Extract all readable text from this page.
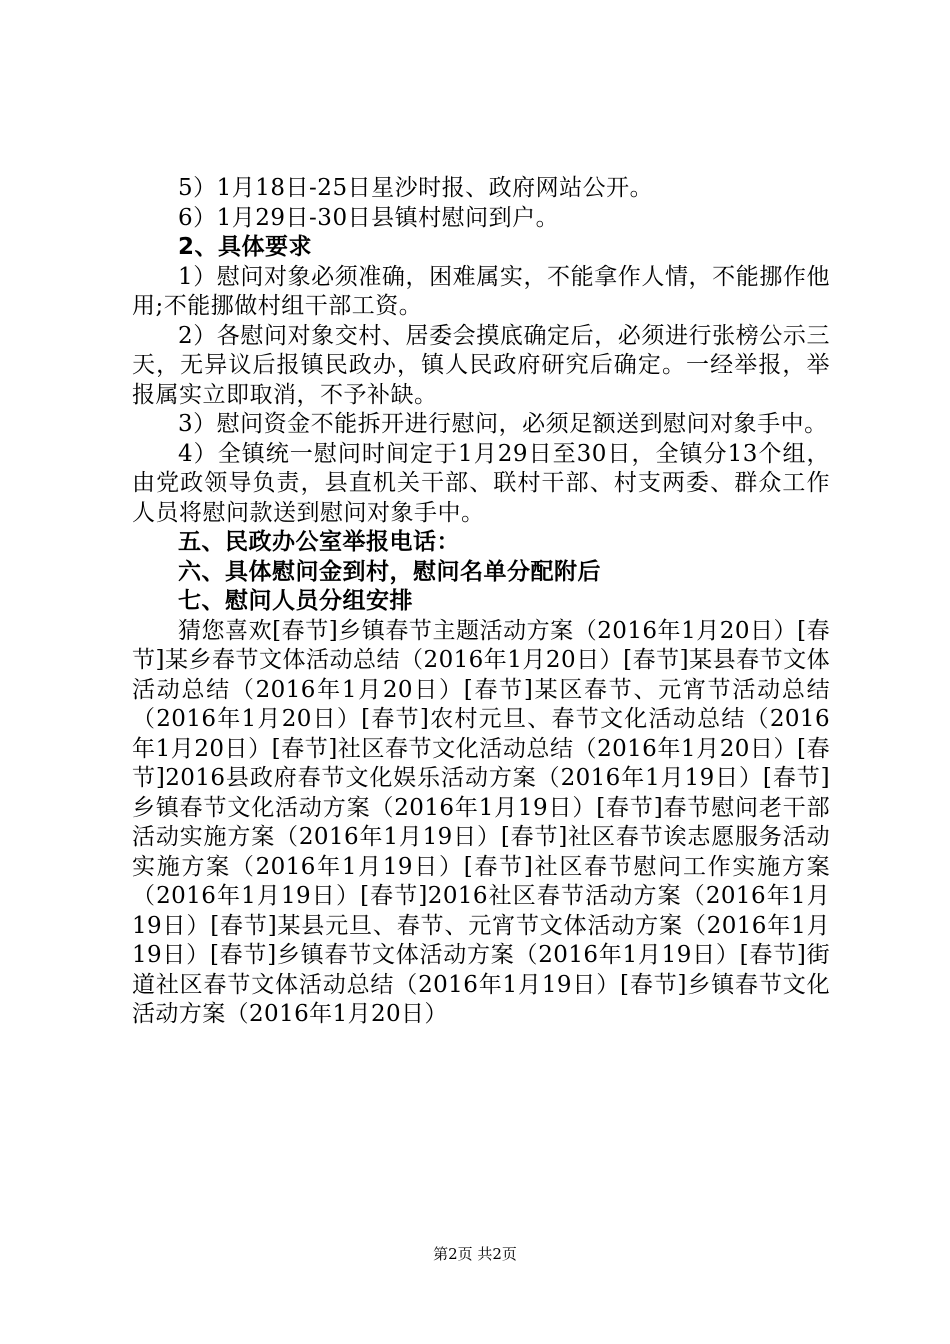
5）1月18日-25日星沙时报、政府网站公开。

6）1月29日-30日县镇村慰问到户。

2、具体要求

1）慰问对象必须准确，困难属实，不能拿作人情，不能挪作他用;不能挪做村组干部工资。

2）各慰问对象交村、居委会摸底确定后，必须进行张榜公示三天，无异议后报镇民政办，镇人民政府研究后确定。一经举报，举报属实立即取消，不予补缺。

3）慰问资金不能拆开进行慰问，必须足额送到慰问对象手中。

4）全镇统一慰问时间定于1月29日至30日，全镇分13个组，由党政领导负责，县直机关干部、联村干部、村支两委、群众工作人员将慰问款送到慰问对象手中。

五、民政办公室举报电话：

六、具体慰问金到村，慰问名单分配附后

七、慰问人员分组安排

猜您喜欢[春节]乡镇春节主题活动方案（2016年1月20日）[春节]某乡春节文体活动总结（2016年1月20日）[春节]某县春节文体活动总结（2016年1月20日）[春节]某区春节、元宵节活动总结（2016年1月20日）[春节]农村元旦、春节文化活动总结（2016年1月20日）[春节]社区春节文化活动总结（2016年1月20日）[春节]2016县政府春节文化娱乐活动方案（2016年1月19日）[春节]乡镇春节文化活动方案（2016年1月19日）[春节]春节慰问老干部活动实施方案（2016年1月19日）[春节]社区春节诶志愿服务活动实施方案（2016年1月19日）[春节]社区春节慰问工作实施方案（2016年1月19日）[春节]2016社区春节活动方案（2016年1月19日）[春节]某县元旦、春节、元宵节文体活动方案（2016年1月19日）[春节]乡镇春节文体活动方案（2016年1月19日）[春节]街道社区春节文体活动总结（2016年1月19日）[春节]乡镇春节文化活动方案（2016年1月20日）

第2页 共2页
